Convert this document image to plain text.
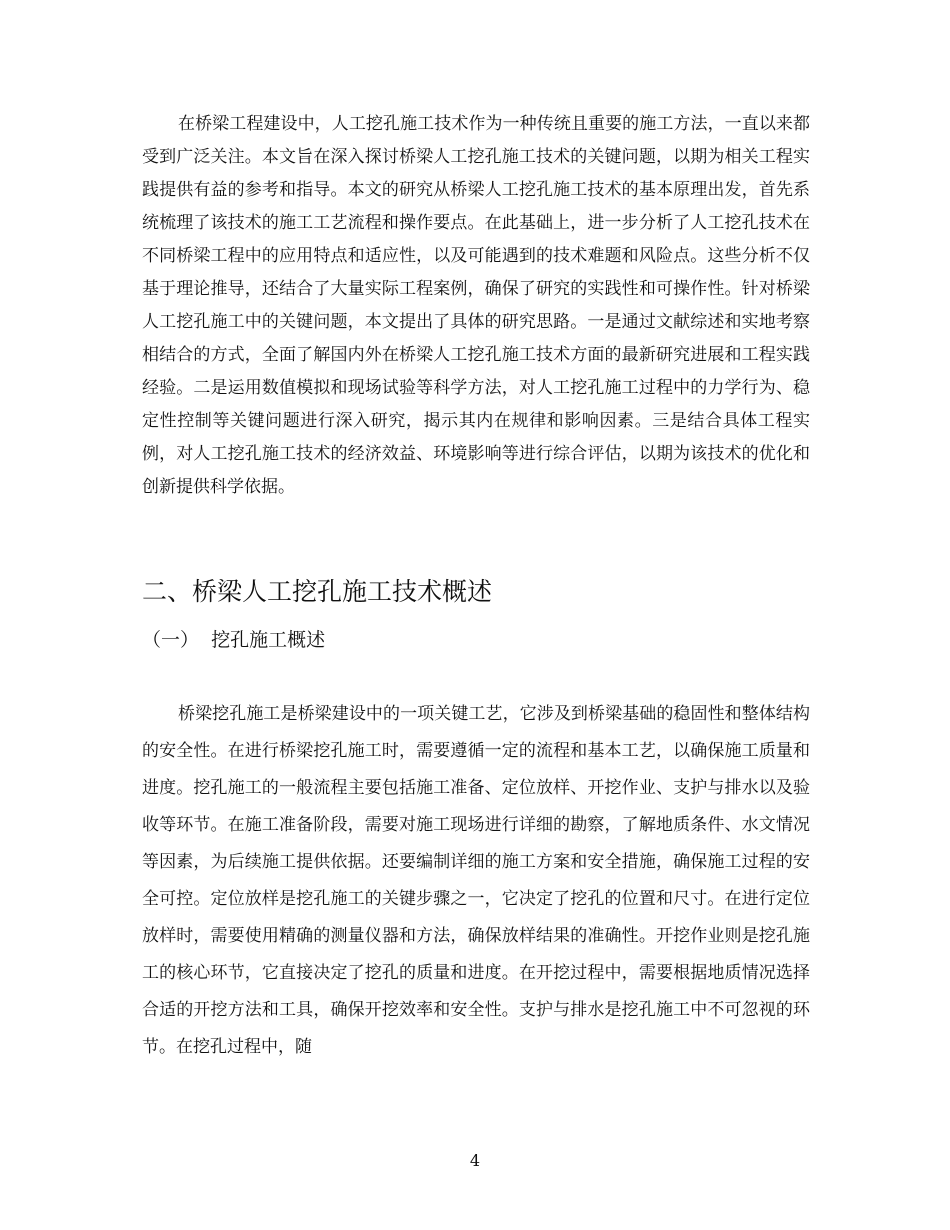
在桥梁工程建设中，人工挖孔施工技术作为一种传统且重要的施工方法，一直以来都受到广泛关注。本文旨在深入探讨桥梁人工挖孔施工技术的关键问题，以期为相关工程实践提供有益的参考和指导。本文的研究从桥梁人工挖孔施工技术的基本原理出发，首先系统梳理了该技术的施工工艺流程和操作要点。在此基础上，进一步分析了人工挖孔技术在不同桥梁工程中的应用特点和适应性，以及可能遇到的技术难题和风险点。这些分析不仅基于理论推导，还结合了大量实际工程案例，确保了研究的实践性和可操作性。针对桥梁人工挖孔施工中的关键问题，本文提出了具体的研究思路。一是通过文献综述和实地考察相结合的方式，全面了解国内外在桥梁人工挖孔施工技术方面的最新研究进展和工程实践经验。二是运用数值模拟和现场试验等科学方法，对人工挖孔施工过程中的力学行为、稳定性控制等关键问题进行深入研究，揭示其内在规律和影响因素。三是结合具体工程实例，对人工挖孔施工技术的经济效益、环境影响等进行综合评估，以期为该技术的优化和创新提供科学依据。

二、桥梁人工挖孔施工技术概述
（一）  挖孔施工概述

桥梁挖孔施工是桥梁建设中的一项关键工艺，它涉及到桥梁基础的稳固性和整体结构的安全性。在进行桥梁挖孔施工时，需要遵循一定的流程和基本工艺，以确保施工质量和进度。挖孔施工的一般流程主要包括施工准备、定位放样、开挖作业、支护与排水以及验收等环节。在施工准备阶段，需要对施工现场进行详细的勘察，了解地质条件、水文情况等因素，为后续施工提供依据。还要编制详细的施工方案和安全措施，确保施工过程的安全可控。定位放样是挖孔施工的关键步骤之一，它决定了挖孔的位置和尺寸。在进行定位放样时，需要使用精确的测量仪器和方法，确保放样结果的准确性。开挖作业则是挖孔施工的核心环节，它直接决定了挖孔的质量和进度。在开挖过程中，需要根据地质情况选择合适的开挖方法和工具，确保开挖效率和安全性。支护与排水是挖孔施工中不可忽视的环节。在挖孔过程中，随

4
